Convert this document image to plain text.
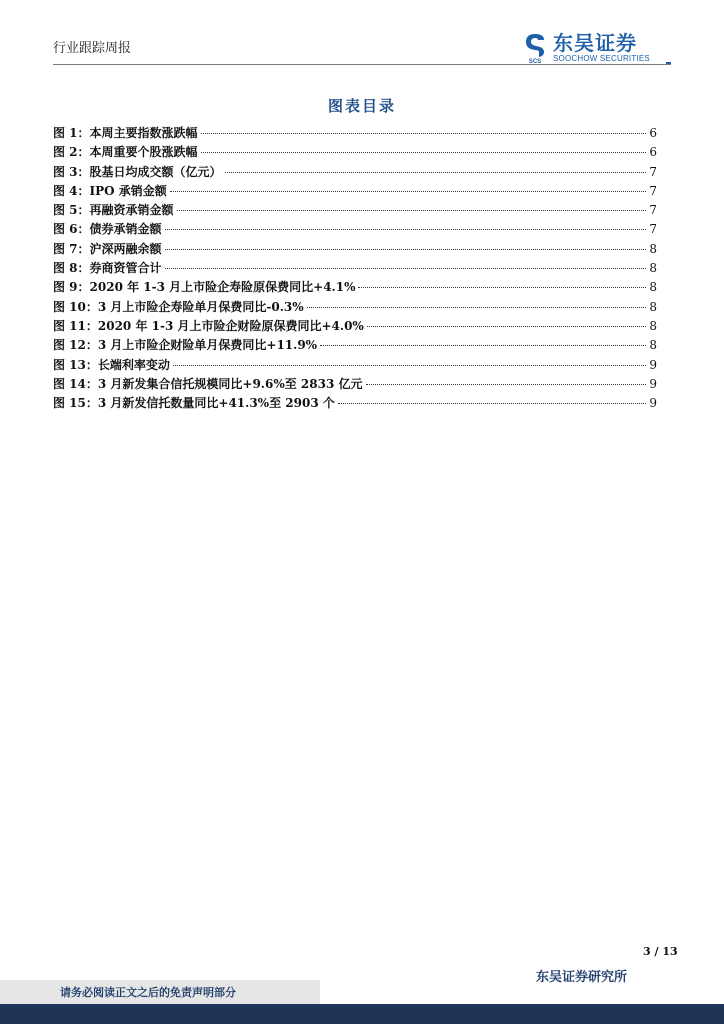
行业跟踪周报
SCS
东吴证券
SOOCHOW SECURITIES
图表目录
图 1：本周主要指数涨跌幅	6
图 2：本周重要个股涨跌幅	6
图 3：股基日均成交额（亿元）	7
图 4：IPO 承销金额	7
图 5：再融资承销金额	7
图 6：债券承销金额	7
图 7：沪深两融余额	8
图 8：券商资管合计	8
图 9：2020 年 1-3 月上市险企寿险原保费同比+4.1%	8
图 10：3 月上市险企寿险单月保费同比-0.3%	8
图 11：2020 年 1-3 月上市险企财险原保费同比+4.0%	8
图 12：3 月上市险企财险单月保费同比+11.9%	8
图 13：长端利率变动	9
图 14：3 月新发集合信托规模同比+9.6%至 2833 亿元	9
图 15：3 月新发信托数量同比+41.3%至 2903 个	9
3 / 13
东吴证券研究所
请务必阅读正文之后的免责声明部分
